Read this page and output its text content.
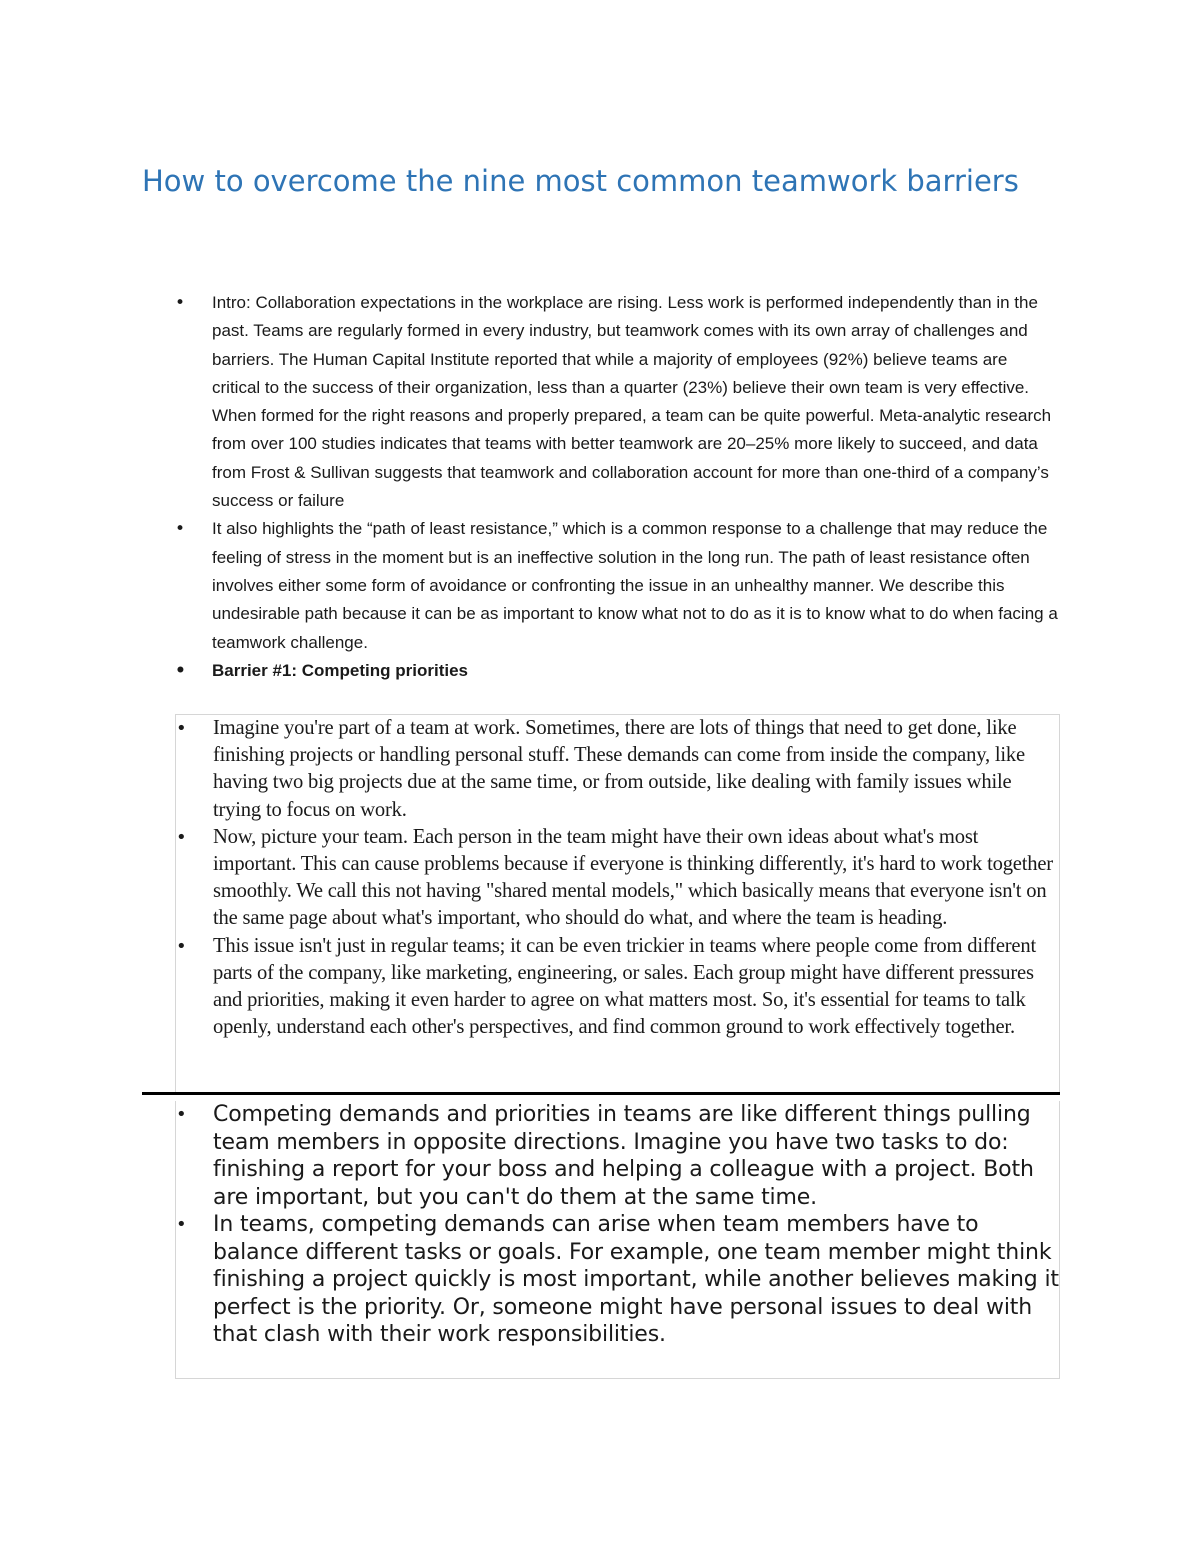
How to overcome the nine most common teamwork barriers
• Intro: Collaboration expectations in the workplace are rising. Less work is performed independently than in the past. Teams are regularly formed in every industry, but teamwork comes with its own array of challenges and barriers. The Human Capital Institute reported that while a majority of employees (92%) believe teams are critical to the success of their organization, less than a quarter (23%) believe their own team is very effective. When formed for the right reasons and properly prepared, a team can be quite powerful. Meta-analytic research from over 100 studies indicates that teams with better teamwork are 20–25% more likely to succeed, and data from Frost & Sullivan suggests that teamwork and collaboration account for more than one-third of a company’s success or failure
• It also highlights the “path of least resistance,” which is a common response to a challenge that may reduce the feeling of stress in the moment but is an ineffective solution in the long run. The path of least resistance often involves either some form of avoidance or confronting the issue in an unhealthy manner. We describe this undesirable path because it can be as important to know what not to do as it is to know what to do when facing a teamwork challenge.
• Barrier #1: Competing priorities
• Imagine you're part of a team at work. Sometimes, there are lots of things that need to get done, like finishing projects or handling personal stuff. These demands can come from inside the company, like having two big projects due at the same time, or from outside, like dealing with family issues while trying to focus on work.
• Now, picture your team. Each person in the team might have their own ideas about what's most important. This can cause problems because if everyone is thinking differently, it's hard to work together smoothly. We call this not having "shared mental models," which basically means that everyone isn't on the same page about what's important, who should do what, and where the team is heading.
• This issue isn't just in regular teams; it can be even trickier in teams where people come from different parts of the company, like marketing, engineering, or sales. Each group might have different pressures and priorities, making it even harder to agree on what matters most. So, it's essential for teams to talk openly, understand each other's perspectives, and find common ground to work effectively together.
• Competing demands and priorities in teams are like different things pulling team members in opposite directions. Imagine you have two tasks to do: finishing a report for your boss and helping a colleague with a project. Both are important, but you can't do them at the same time.
• In teams, competing demands can arise when team members have to balance different tasks or goals. For example, one team member might think finishing a project quickly is most important, while another believes making it perfect is the priority. Or, someone might have personal issues to deal with that clash with their work responsibilities.
